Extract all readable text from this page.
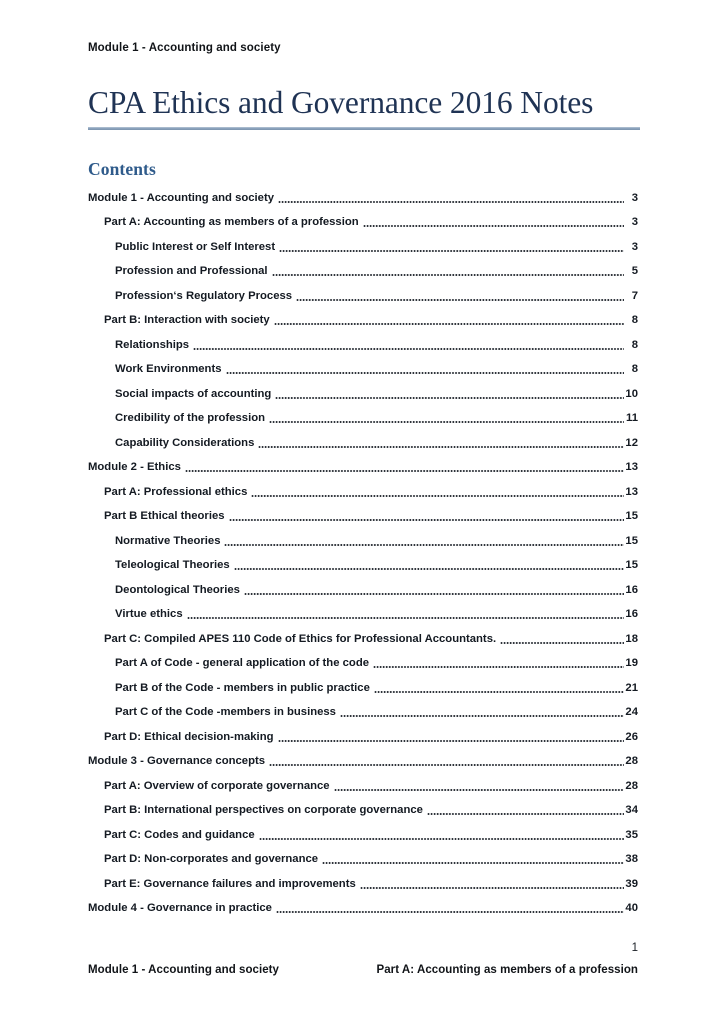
Module 1 - Accounting and society
CPA Ethics and Governance 2016 Notes
Contents
Module 1 - Accounting and society	3
Part A: Accounting as members of a profession	3
Public Interest or Self Interest	3
Profession and Professional	5
Profession‘s Regulatory Process	7
Part B: Interaction with society	8
Relationships	8
Work Environments	8
Social impacts of accounting	10
Credibility of the profession	11
Capability Considerations	12
Module 2 - Ethics	13
Part A: Professional ethics	13
Part B Ethical theories	15
Normative Theories	15
Teleological Theories	15
Deontological Theories	16
Virtue ethics	16
Part C: Compiled APES 110 Code of Ethics for Professional Accountants.	18
Part A of Code - general application of the code	19
Part B of the Code - members in public practice	21
Part C of the Code -members in business	24
Part D: Ethical decision-making	26
Module 3 - Governance concepts	28
Part A: Overview of corporate governance	28
Part B: International perspectives on corporate governance	34
Part C: Codes and guidance	35
Part D: Non-corporates and governance	38
Part E: Governance failures and improvements	39
Module 4 - Governance in practice	40
1
Module 1 - Accounting and society	Part A: Accounting as members of a profession
